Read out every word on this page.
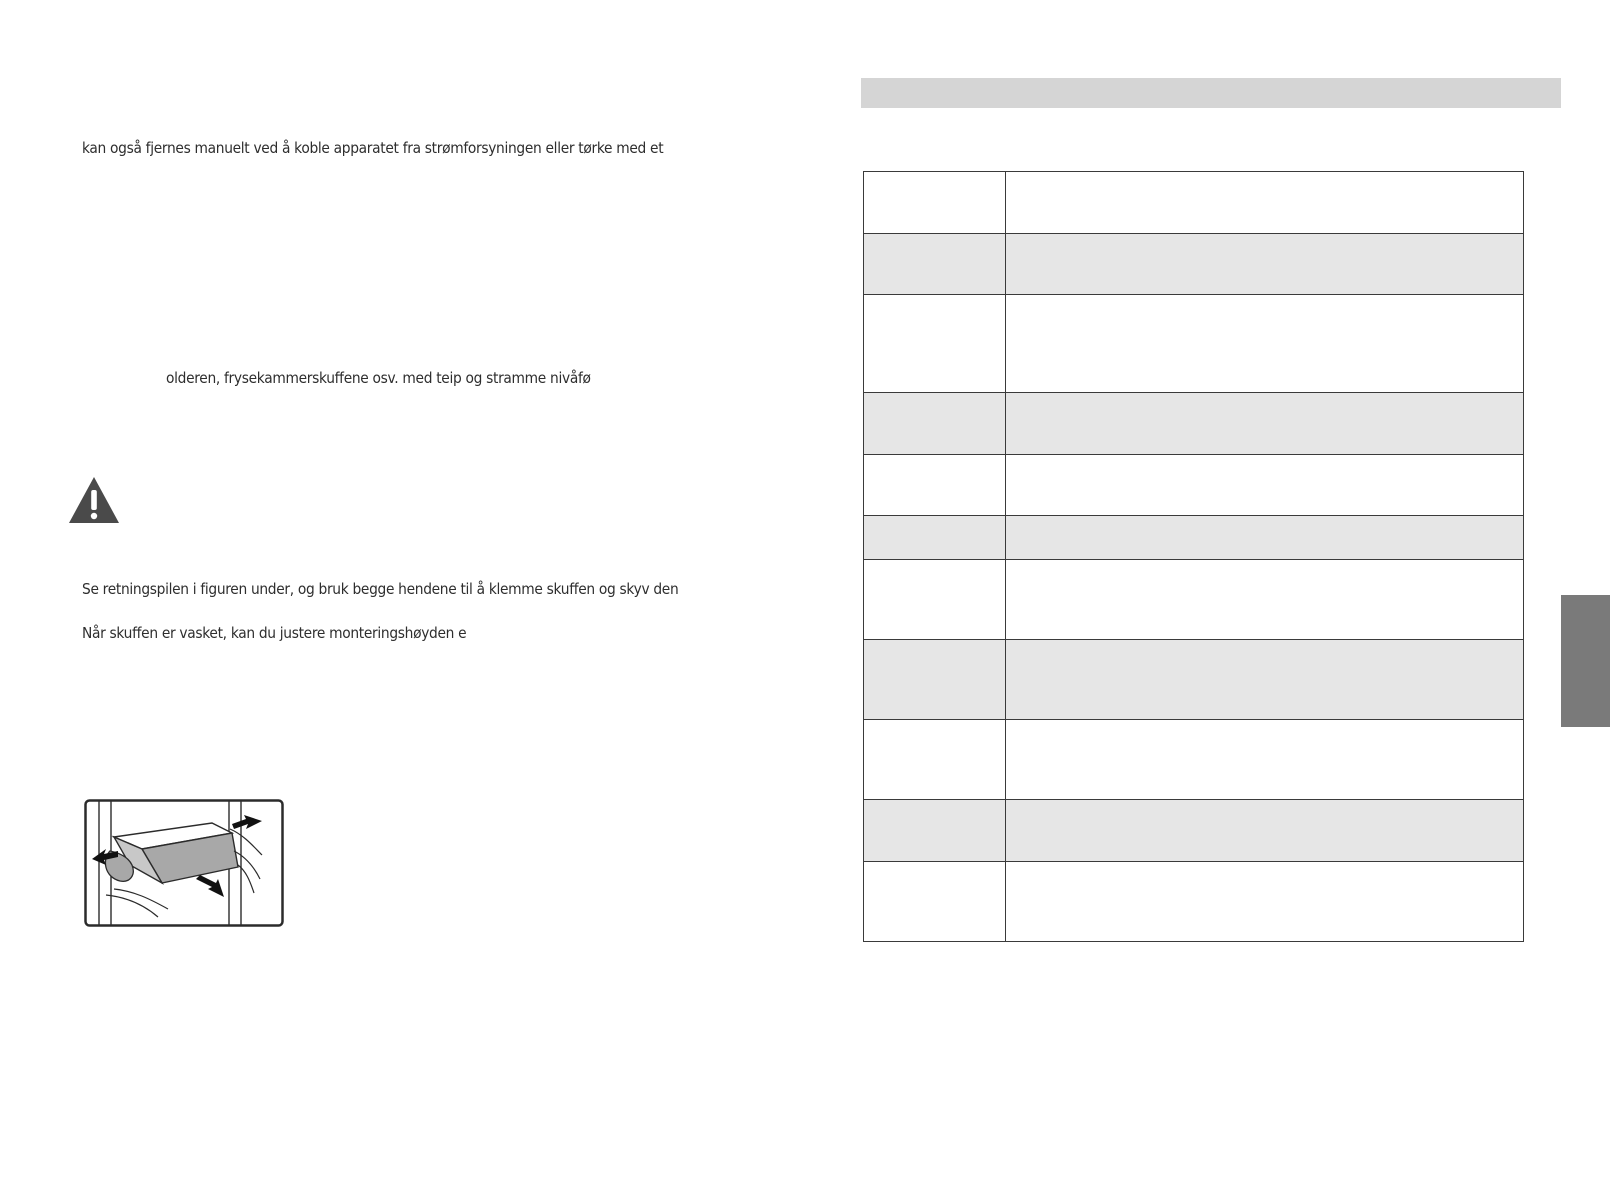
kan også fjernes manuelt ved å koble apparatet fra strømforsyningen eller tørke med et
olderen, frysekammerskuffene osv. med teip og stramme nivåfø
Se retningspilen i figuren under, og bruk begge hendene til å klemme skuffen og skyv den
Når skuffen er vasket, kan du justere monteringshøyden e
